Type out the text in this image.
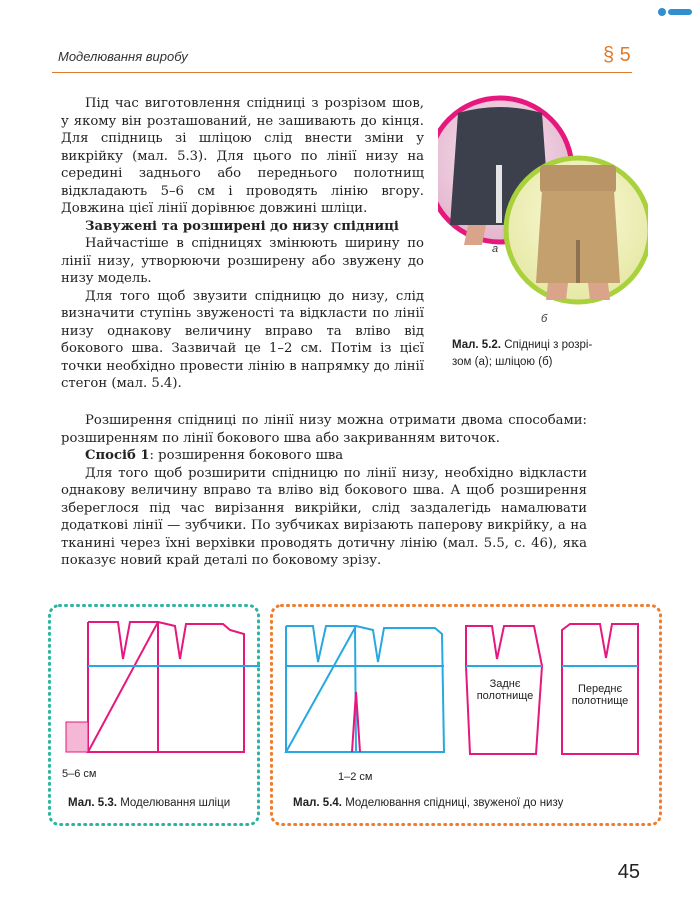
Моделювання виробу	§ 5

Під час виготовлення спідниці з розрізом шов, у якому він розташований, не зашивають до кінця. Для спідниць зі шліцою слід внести зміни у викрійку (мал. 5.3). Для цього по лінії низу на середині заднього або переднього полотнищ відкладають 5–6 см і проводять лінію вгору. Довжина цієї лінії дорівнює довжині шліци.

Завужені та розширені до низу спідниці

Найчастіше в спідницях змінюють ширину по лінії низу, утворюючи розширену або звужену до низу модель.

Для того щоб звузити спідницю до низу, слід визначити ступінь звуженості та відкласти по лінії низу однакову величину вправо та вліво від бокового шва. Зазвичай це 1–2 см. Потім із цієї точки необхідно провести лінію в напрямку до лінії стегон (мал. 5.4).

Розширення спідниці по лінії низу можна отримати двома способами: розширенням по лінії бокового шва або закриванням виточок.

Спосіб 1: розширення бокового шва

Для того щоб розширити спідницю по лінії низу, необхідно відкласти однакову величину вправо та вліво від бокового шва. А щоб розширення збереглося під час вирізання викрійки, слід заздалегідь намалювати додаткові лінії — зубчики. По зубчиках вирізають паперову викрійку, а на тканині через їхні верхівки проводять дотичну лінію (мал. 5.5, с. 46), яка показує новий край деталі по боковому зрізу.

а
б
Мал. 5.2. Спідниці з розрі-
зом (а); шліцою (б)
5–6 см
Мал. 5.3. Моделювання шліци
Заднє
полотнище
Переднє
полотнище
1–2 см
Мал. 5.4. Моделювання спідниці, звуженої до низу
45
